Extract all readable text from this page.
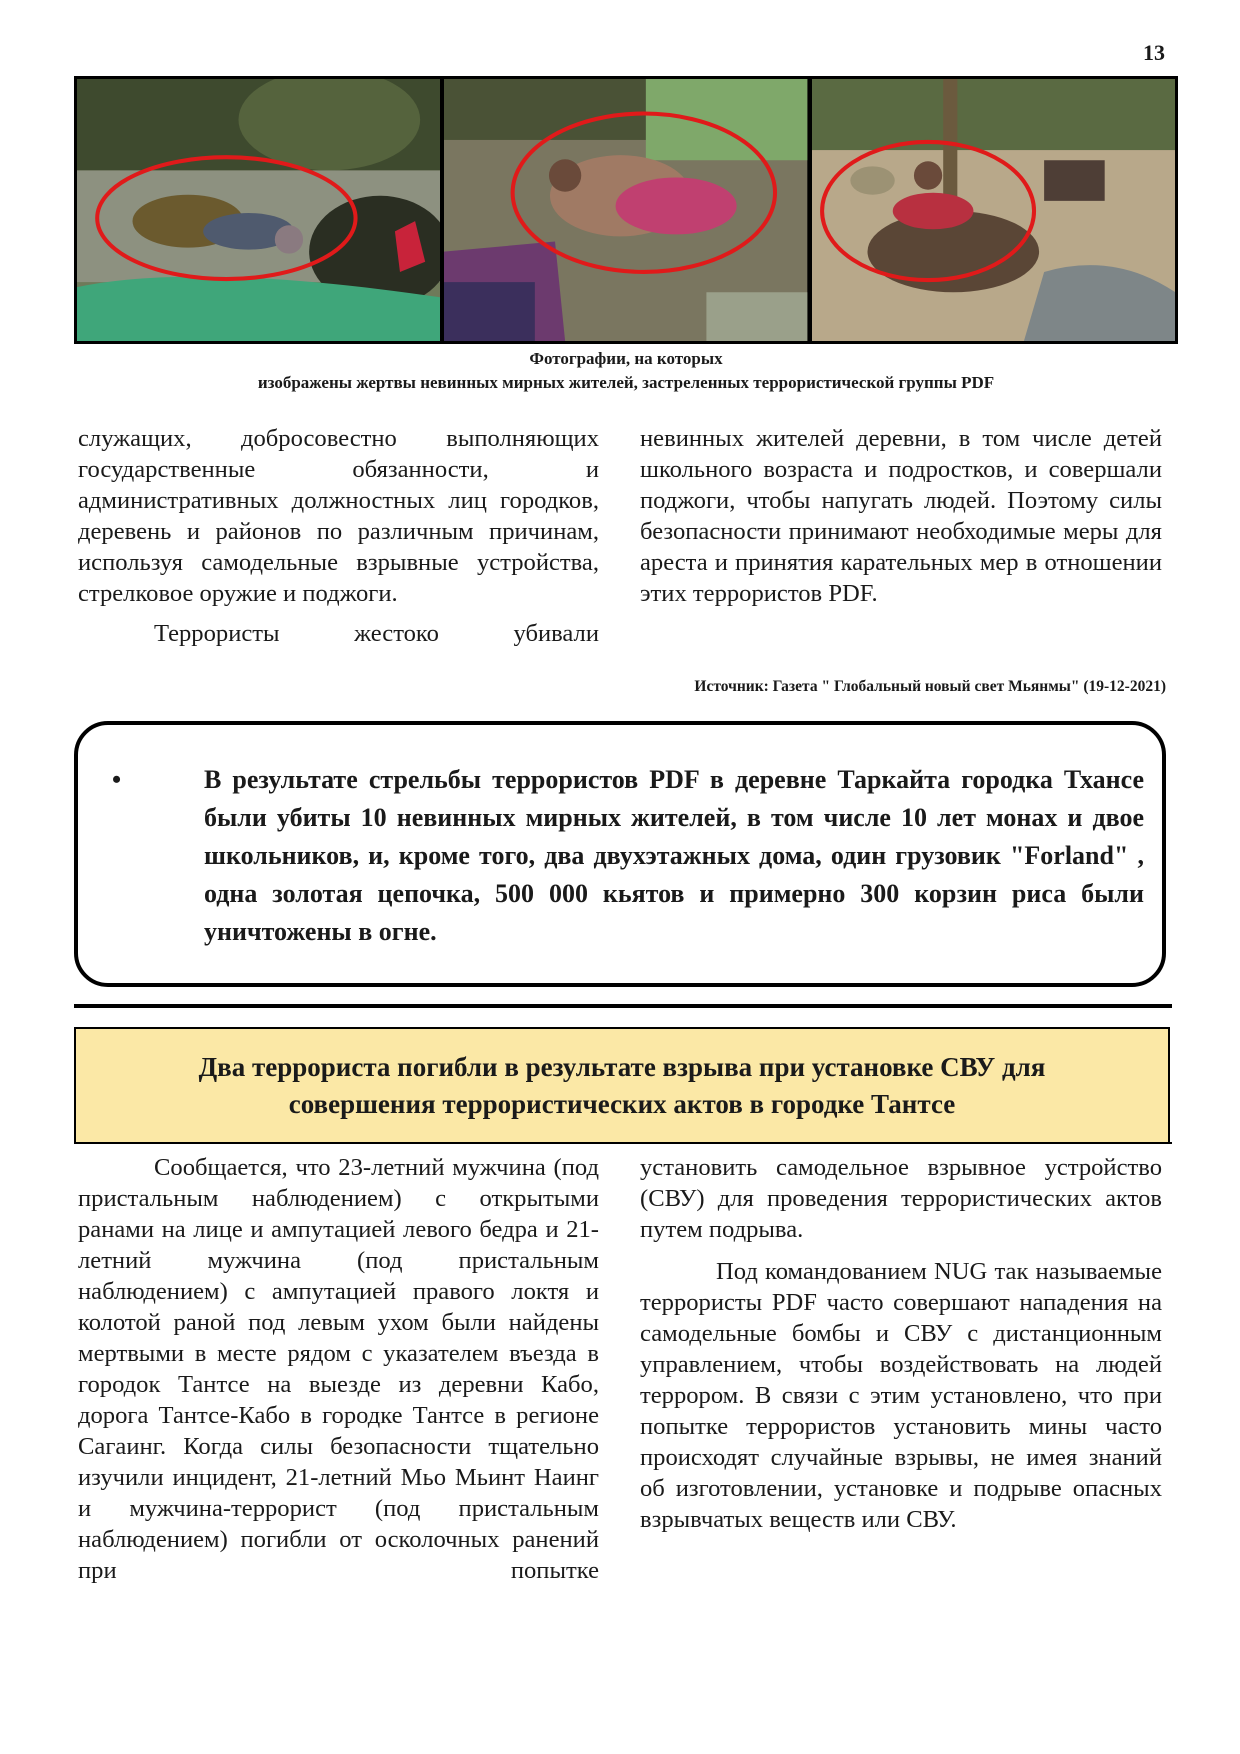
13
Фотографии, на которых
изображены жертвы невинных мирных жителей, застреленных террористической группы PDF

служащих, добросовестно выполняющих государственные обязанности, и административных должностных лиц городков, деревень и районов по различным причинам, используя самодельные взрывные устройства, стрелковое оружие и поджоги.

Террористы жестоко убивали

невинных жителей деревни, в том числе детей школьного возраста и подростков, и совершали поджоги, чтобы напугать людей. Поэтому силы безопасности принимают необходимые меры для ареста и принятия карательных мер в отношении этих террористов PDF.

Источник: Газета " Глобальный новый свет Мьянмы" (19-12-2021)
•	В результате стрельбы террористов PDF в деревне Таркайта городка Тхансе были убиты 10 невинных мирных жителей, в том числе 10 лет монах и двое школьников, и, кроме того, два двухэтажных дома, один грузовик "Forland" , одна золотая цепочка, 500 000 кьятов и примерно 300 корзин риса были уничтожены в огне.
Два террориста погибли в результате взрыва при установке СВУ для
совершения террористических актов в городке Тантсе

Сообщается, что 23-летний мужчина (под пристальным наблюдением) с открытыми ранами на лице и ампутацией левого бедра и 21-летний мужчина (под пристальным наблюдением) с ампутацией правого локтя и колотой раной под левым ухом были найдены мертвыми в месте рядом с указателем въезда в городок Тантсе на выезде из деревни Кабо, дорога Тантсе-Кабо в городке Тантсе в регионе Сагаинг. Когда силы безопасности тщательно изучили инцидент, 21-летний Мьо Мьинт Наинг и мужчина-террорист (под пристальным наблюдением) погибли от осколочных ранений при попытке

установить самодельное взрывное устройство (СВУ) для проведения террористических актов путем подрыва.

Под командованием NUG так называемые террористы PDF часто совершают нападения на самодельные бомбы и СВУ с дистанционным управлением, чтобы воздействовать на людей террором. В связи с этим установлено, что при попытке террористов установить мины часто происходят случайные взрывы, не имея знаний об изготовлении, установке и подрыве опасных взрывчатых веществ или СВУ.
